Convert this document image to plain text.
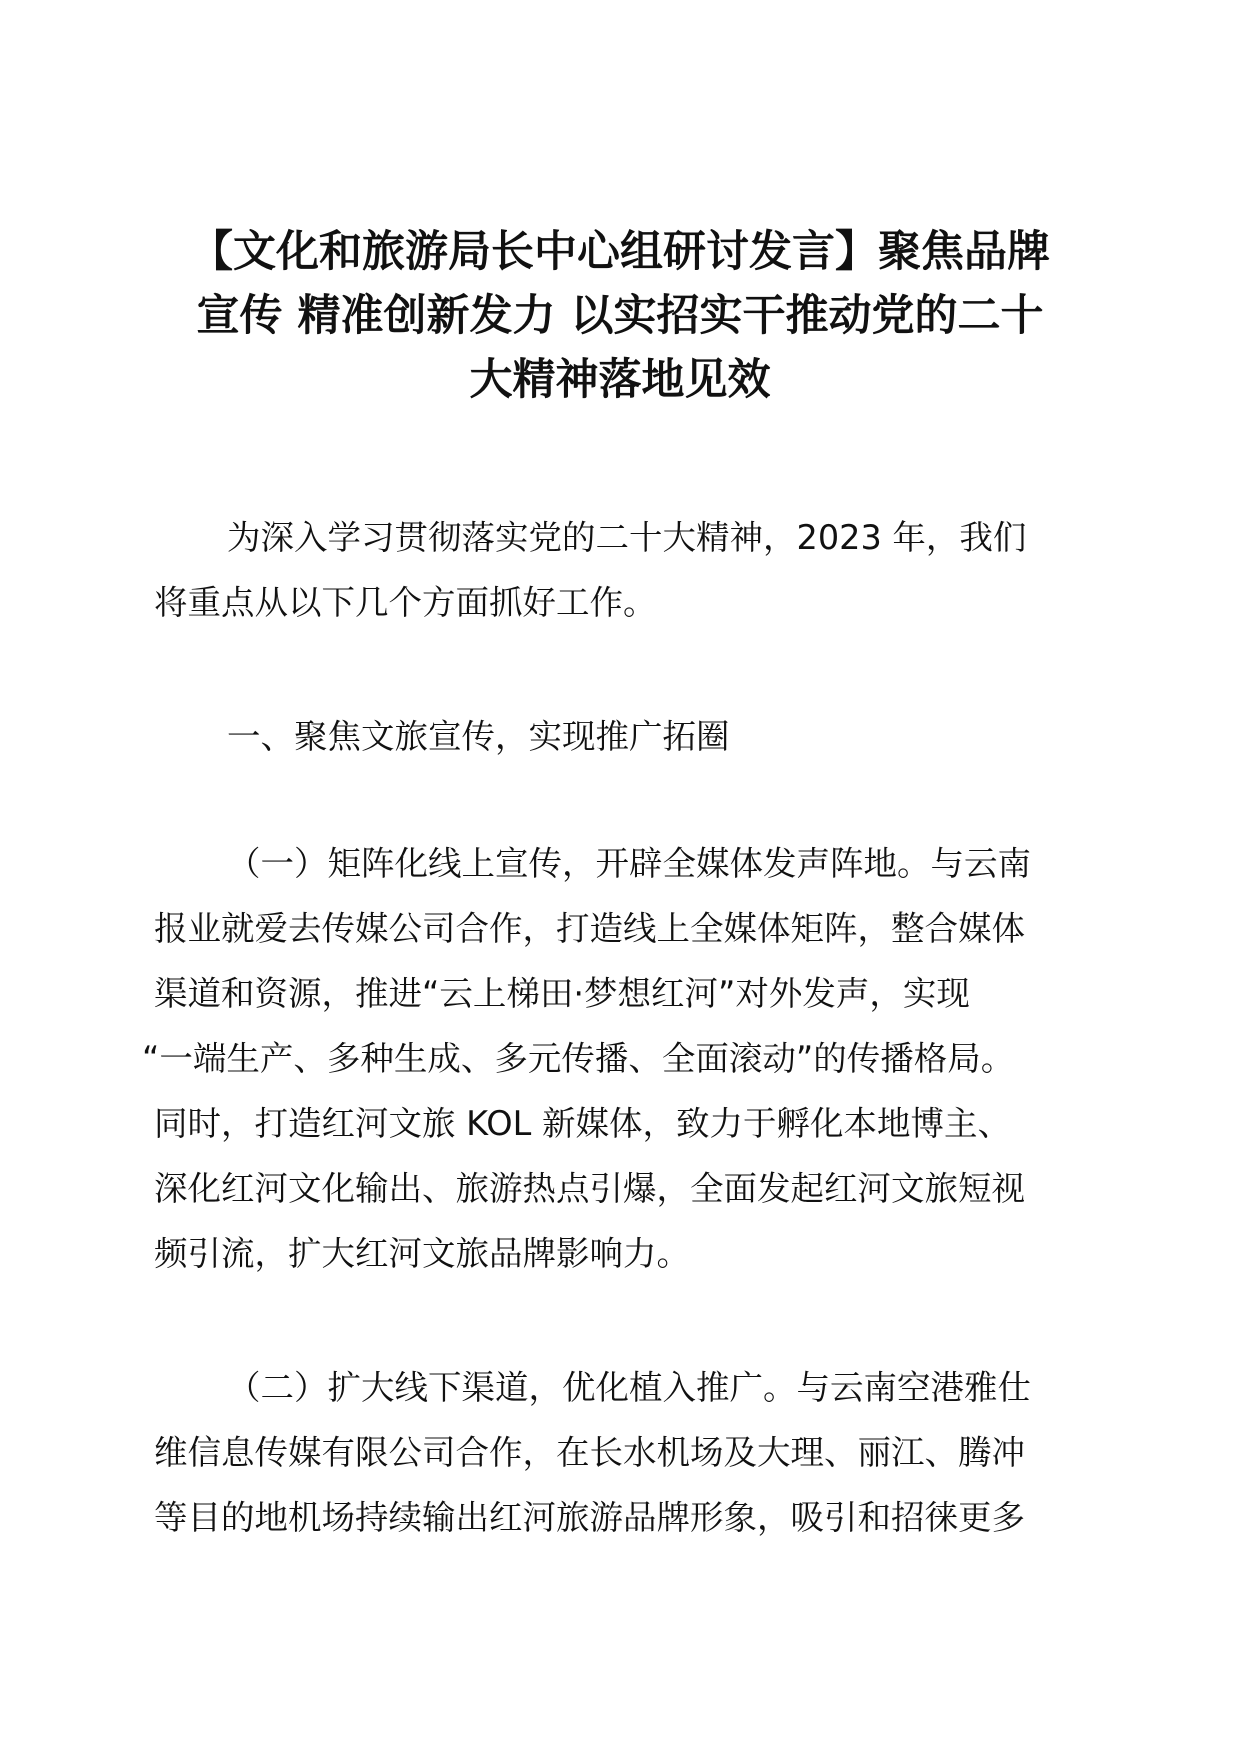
【文化和旅游局长中心组研讨发言】聚焦品牌
宣传 精准创新发力 以实招实干推动党的二十
大精神落地见效

为深入学习贯彻落实党的二十大精神，2023 年，我们
将重点从以下几个方面抓好工作。

一、聚焦文旅宣传，实现推广拓圈

（一）矩阵化线上宣传，开辟全媒体发声阵地。与云南
报业就爱去传媒公司合作，打造线上全媒体矩阵，整合媒体
渠道和资源，推进“云上梯田·梦想红河”对外发声，实现
“一端生产、多种生成、多元传播、全面滚动”的传播格局。
同时，打造红河文旅 KOL 新媒体，致力于孵化本地博主、
深化红河文化输出、旅游热点引爆，全面发起红河文旅短视
频引流，扩大红河文旅品牌影响力。

（二）扩大线下渠道，优化植入推广。与云南空港雅仕
维信息传媒有限公司合作，在长水机场及大理、丽江、腾冲
等目的地机场持续输出红河旅游品牌形象，吸引和招徕更多
